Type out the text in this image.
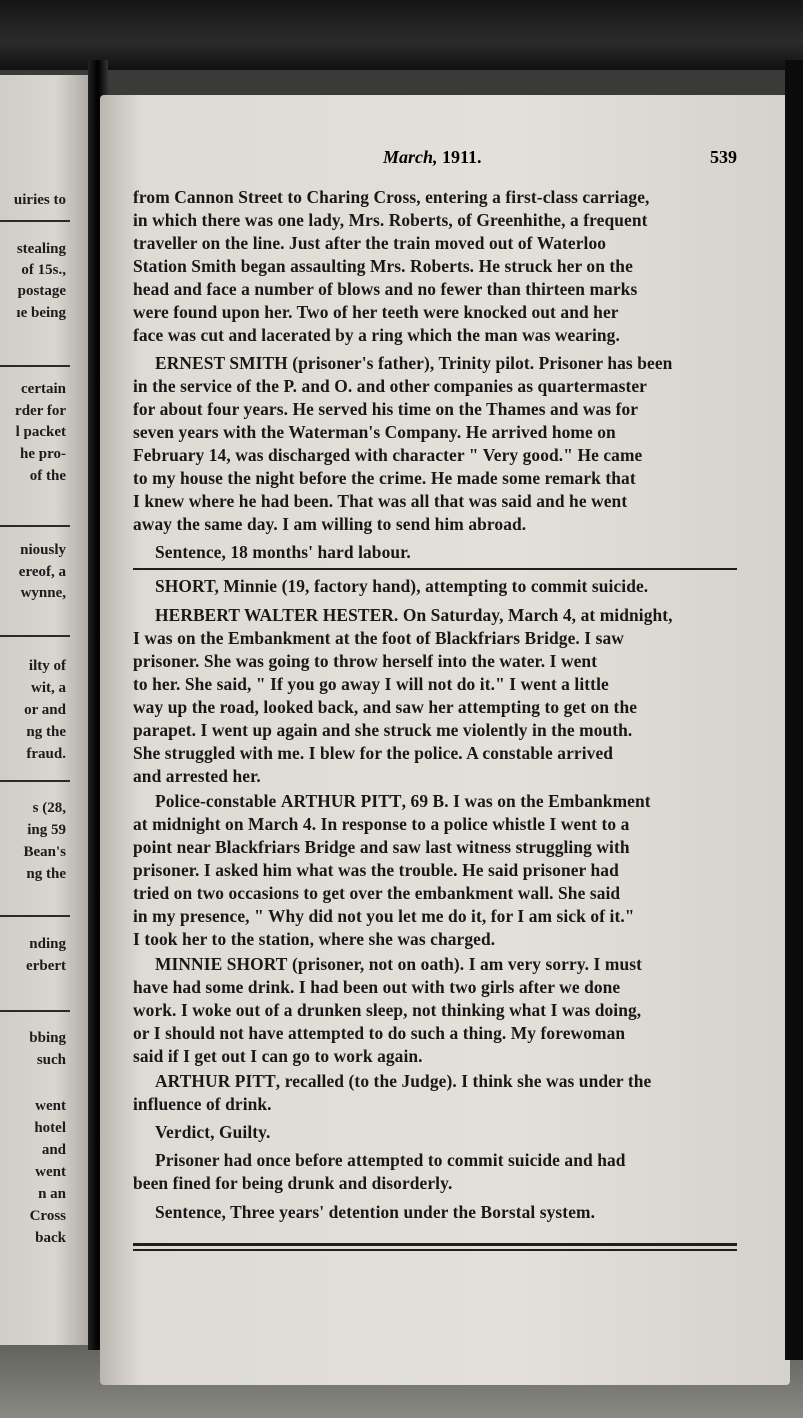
uiries to
stealing
of 15s.,
postage
ıe being
certain
rder for
l packet
he pro-
of the
niously
ereof, a
wynne,
ilty of
wit, a
or and
ng the
fraud.
s (28,
ing 59
Bean's
ng the
nding
erbert
bbing
such
went
hotel
and
went
n an
Cross
back
March, 1911.	539
from Cannon Street to Charing Cross, entering a first-class carriage,
in which there was one lady, Mrs. Roberts, of Greenhithe, a frequent
traveller on the line. Just after the train moved out of Waterloo
Station Smith began assaulting Mrs. Roberts. He struck her on the
head and face a number of blows and no fewer than thirteen marks
were found upon her. Two of her teeth were knocked out and her
face was cut and lacerated by a ring which the man was wearing.
ERNEST SMITH (prisoner's father), Trinity pilot. Prisoner has been
in the service of the P. and O. and other companies as quartermaster
for about four years. He served his time on the Thames and was for
seven years with the Waterman's Company. He arrived home on
February 14, was discharged with character " Very good." He came
to my house the night before the crime. He made some remark that
I knew where he had been. That was all that was said and he went
away the same day. I am willing to send him abroad.
Sentence, 18 months' hard labour.
SHORT, Minnie (19, factory hand), attempting to commit suicide.
HERBERT WALTER HESTER. On Saturday, March 4, at midnight,
I was on the Embankment at the foot of Blackfriars Bridge. I saw
prisoner. She was going to throw herself into the water. I went
to her. She said, " If you go away I will not do it." I went a little
way up the road, looked back, and saw her attempting to get on the
parapet. I went up again and she struck me violently in the mouth.
She struggled with me. I blew for the police. A constable arrived
and arrested her.
Police-constable ARTHUR PITT, 69 B. I was on the Embankment
at midnight on March 4. In response to a police whistle I went to a
point near Blackfriars Bridge and saw last witness struggling with
prisoner. I asked him what was the trouble. He said prisoner had
tried on two occasions to get over the embankment wall. She said
in my presence, " Why did not you let me do it, for I am sick of it."
I took her to the station, where she was charged.
MINNIE SHORT (prisoner, not on oath). I am very sorry. I must
have had some drink. I had been out with two girls after we done
work. I woke out of a drunken sleep, not thinking what I was doing,
or I should not have attempted to do such a thing. My forewoman
said if I get out I can go to work again.
ARTHUR PITT, recalled (to the Judge). I think she was under the
influence of drink.
Verdict, Guilty.
Prisoner had once before attempted to commit suicide and had
been fined for being drunk and disorderly.
Sentence, Three years' detention under the Borstal system.
